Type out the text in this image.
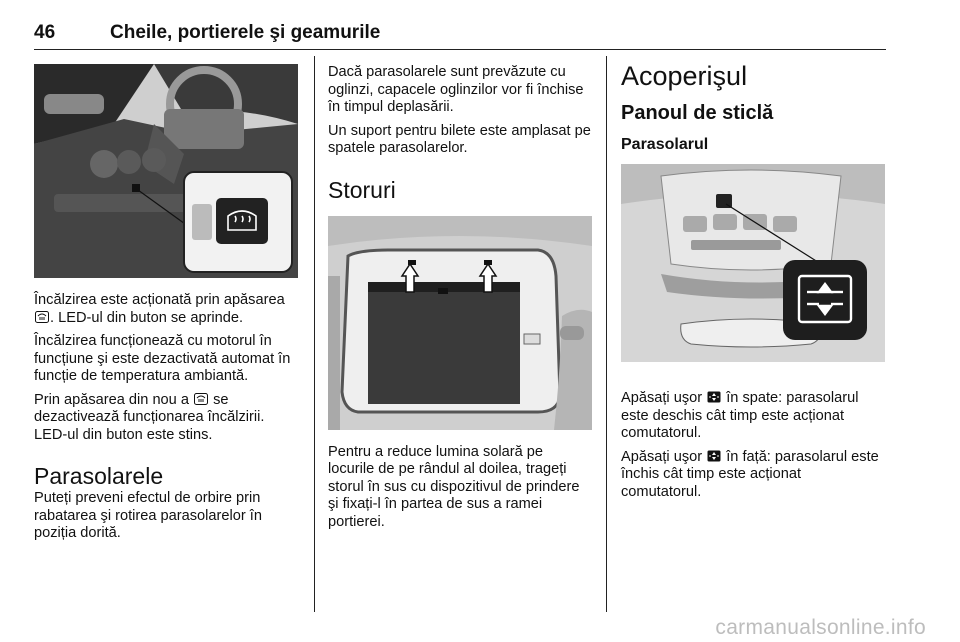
46	Cheile, portierele şi geamurile

Încălzirea este acționată prin apăsarea
. LED-ul din buton se aprinde.

Încălzirea funcționează cu motorul în funcțiune şi este dezactivată automat în funcție de temperatura ambiantă.

Prin apăsarea din nou a
se dezactivează funcționarea încălzirii. LED-ul din buton este stins.

Parasolarele

Puteți preveni efectul de orbire prin rabatarea şi rotirea parasolarelor în poziția dorită.

Dacă parasolarele sunt prevăzute cu oglinzi, capacele oglinzilor vor fi închise în timpul deplasării.

Un suport pentru bilete este amplasat pe spatele parasolarelor.

Storuri

Pentru a reduce lumina solară pe locurile de pe rândul al doilea, trageți storul în sus cu dispozitivul de prindere şi fixați-l în partea de sus a ramei portierei.

Acoperişul
Panoul de sticlă
Parasolarul

Apăsați uşor
în spate: parasolarul este deschis cât timp este acționat comutatorul.

Apăsați uşor
în față: parasolarul este închis cât timp este acționat comutatorul.

carmanualsonline.info
